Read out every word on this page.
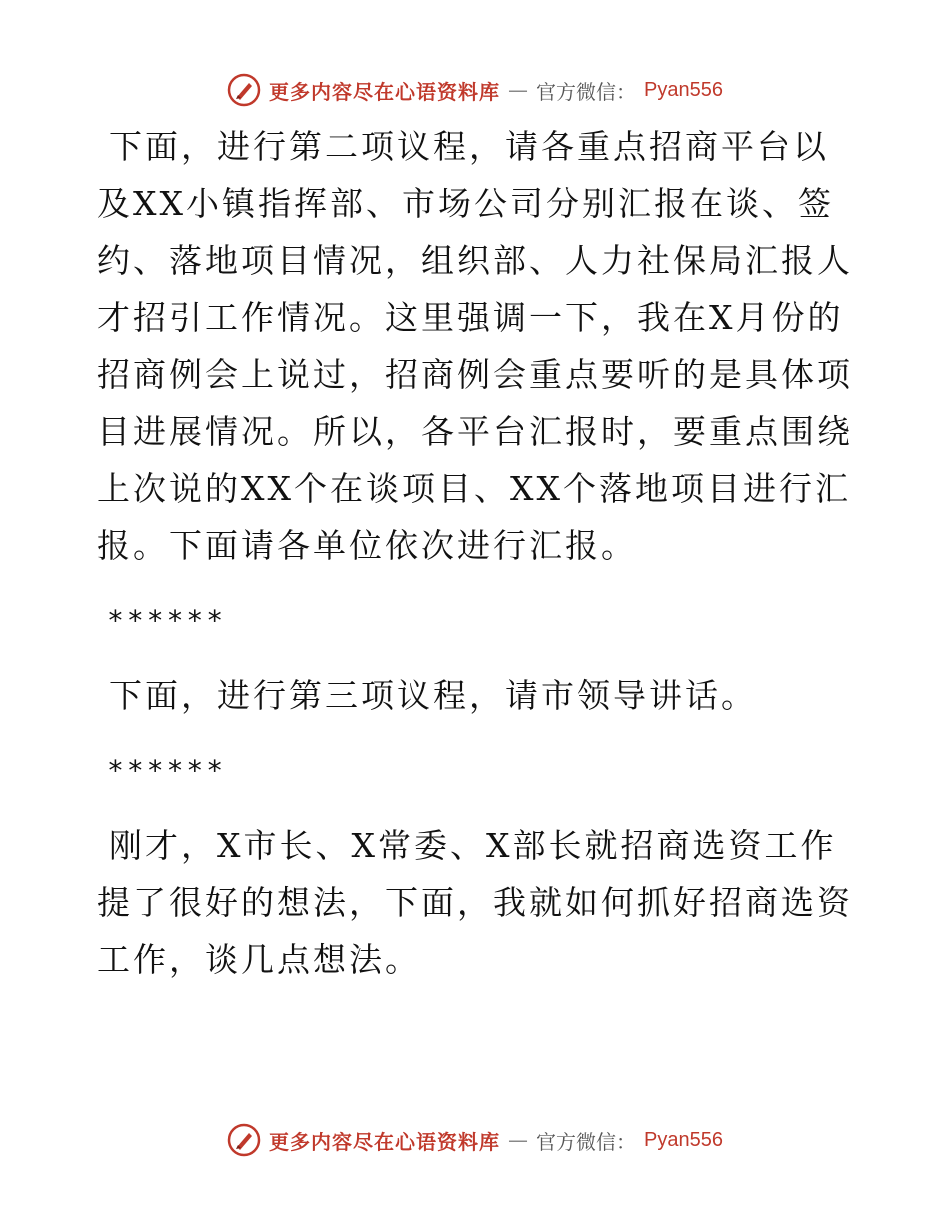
更多内容尽在心语资料库 — 官方微信： Pyan556

下面，进行第二项议程，请各重点招商平台以及XX小镇指挥部、市场公司分别汇报在谈、签约、落地项目情况，组织部、人力社保局汇报人才招引工作情况。这里强调一下，我在X月份的招商例会上说过，招商例会重点要听的是具体项目进展情况。所以，各平台汇报时，要重点围绕上次说的XX个在谈项目、XX个落地项目进行汇报。下面请各单位依次进行汇报。

******

下面，进行第三项议程，请市领导讲话。

******

刚才，X市长、X常委、X部长就招商选资工作提了很好的想法，下面，我就如何抓好招商选资工作，谈几点想法。

更多内容尽在心语资料库 — 官方微信： Pyan556
